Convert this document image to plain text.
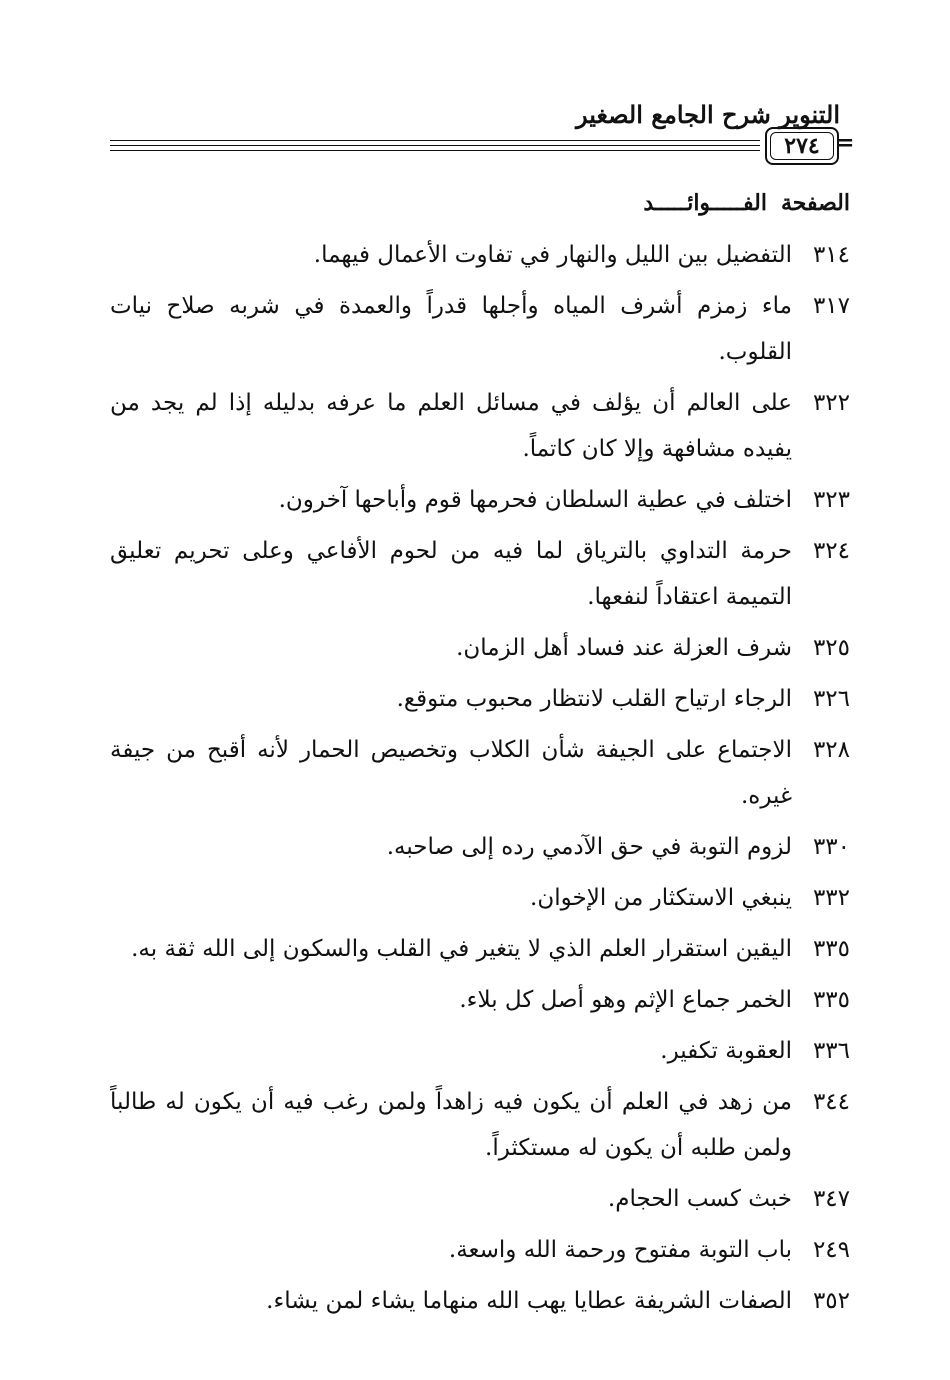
التنوير شرح الجامع الصغير
٢٧٤ =
الصفحةالفـــــوائـــــد
٣١٤
التفضيل بين الليل والنهار في تفاوت الأعمال فيهما.
٣١٧
ماء زمزم أشرف المياه وأجلها قدراً والعمدة في شربه صلاح نيات القلوب.
٣٢٢
على العالم أن يؤلف في مسائل العلم ما عرفه بدليله إذا لم يجد من يفيده مشافهة وإلا كان كاتماً.
٣٢٣
اختلف في عطية السلطان فحرمها قوم وأباحها آخرون.
٣٢٤
حرمة التداوي بالترياق لما فيه من لحوم الأفاعي وعلى تحريم تعليق التميمة اعتقاداً لنفعها.
٣٢٥
شرف العزلة عند فساد أهل الزمان.
٣٢٦
الرجاء ارتياح القلب لانتظار محبوب متوقع.
٣٢٨
الاجتماع على الجيفة شأن الكلاب وتخصيص الحمار لأنه أقبح من جيفة غيره.
٣٣٠
لزوم التوبة في حق الآدمي رده إلى صاحبه.
٣٣٢
ينبغي الاستكثار من الإخوان.
٣٣٥
اليقين استقرار العلم الذي لا يتغير في القلب والسكون إلى الله ثقة به.
٣٣٥
الخمر جماع الإثم وهو أصل كل بلاء.
٣٣٦
العقوبة تكفير.
٣٤٤
من زهد في العلم أن يكون فيه زاهداً ولمن رغب فيه أن يكون له طالباً ولمن طلبه أن يكون له مستكثراً.
٣٤٧
خبث كسب الحجام.
٢٤٩
باب التوبة مفتوح ورحمة الله واسعة.
٣٥٢
الصفات الشريفة عطايا يهب الله منهاما يشاء لمن يشاء.
